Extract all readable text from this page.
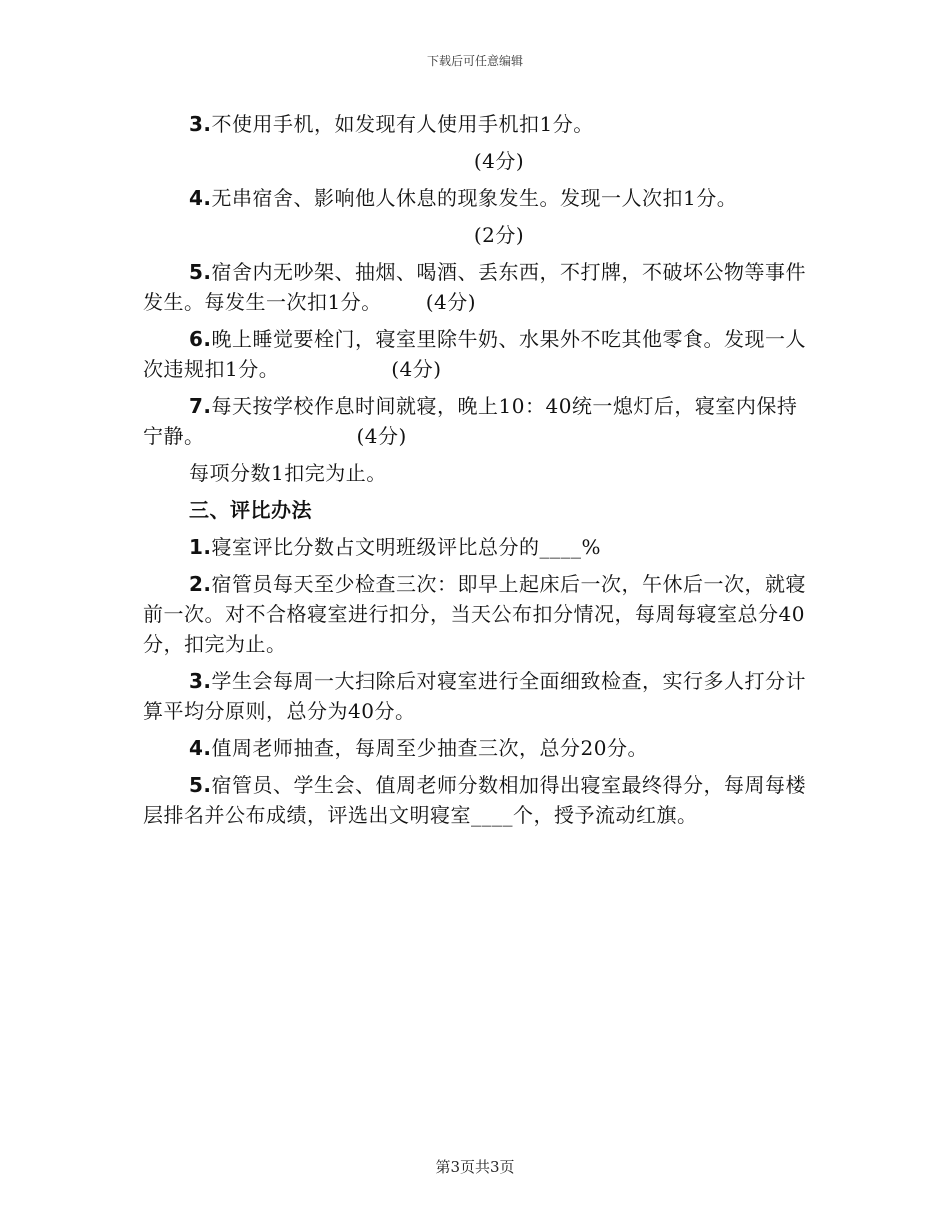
下载后可任意编辑

3.不使用手机，如发现有人使用手机扣1分。

(4分)

4.无串宿舍、影响他人休息的现象发生。发现一人次扣1分。

(2分)

5.宿舍内无吵架、抽烟、喝酒、丢东西，不打牌，不破坏公物等事件发生。每发生一次扣1分。 (4分)

6.晚上睡觉要栓门，寝室里除牛奶、水果外不吃其他零食。发现一人次违规扣1分。	(4分)

7.每天按学校作息时间就寝，晚上10：40统一熄灯后，寝室内保持宁静。	(4分)

每项分数1扣完为止。

三、评比办法

1.寝室评比分数占文明班级评比总分的____%

2.宿管员每天至少检查三次：即早上起床后一次，午休后一次，就寝前一次。对不合格寝室进行扣分，当天公布扣分情况，每周每寝室总分40分，扣完为止。

3.学生会每周一大扫除后对寝室进行全面细致检查，实行多人打分计算平均分原则，总分为40分。

4.值周老师抽查，每周至少抽查三次，总分20分。

5.宿管员、学生会、值周老师分数相加得出寝室最终得分，每周每楼层排名并公布成绩，评选出文明寝室____个，授予流动红旗。

第3页共3页
